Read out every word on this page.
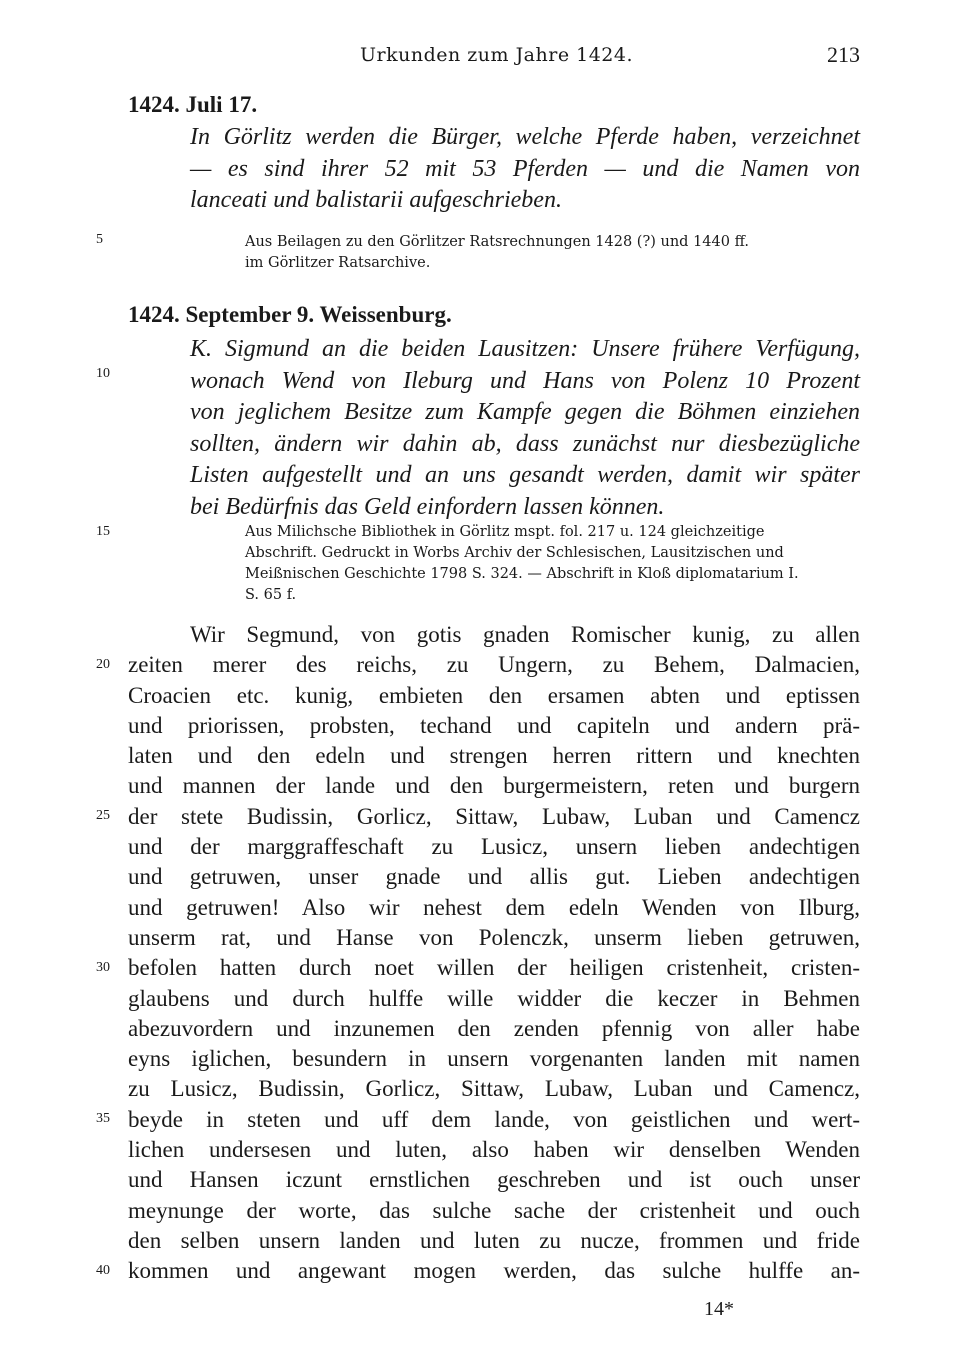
Urkunden zum Jahre 1424.	213
1424. Juli 17.
In Görlitz werden die Bürger, welche Pferde haben, verzeichnet
— es sind ihrer 52 mit 53 Pferden — und die Namen von
lanceati und balistarii aufgeschrieben.
Aus Beilagen zu den Görlitzer Ratsrechnungen 1428 (?) und 1440 ff.
im Görlitzer Ratsarchive.
1424. September 9. Weissenburg.
K. Sigmund an die beiden Lausitzen: Unsere frühere Verfügung,
wonach Wend von Ileburg und Hans von Polenz 10 Prozent
von jeglichem Besitze zum Kampfe gegen die Böhmen einziehen
sollten, ändern wir dahin ab, dass zunächst nur diesbezügliche
Listen aufgestellt und an uns gesandt werden, damit wir später
bei Bedürfnis das Geld einfordern lassen können.
Aus Milichsche Bibliothek in Görlitz mspt. fol. 217 u. 124 gleichzeitige
Abschrift. Gedruckt in Worbs Archiv der Schlesischen, Lausitzischen und
Meißnischen Geschichte 1798 S. 324. — Abschrift in Kloß diplomatarium I.
S. 65 f.
Wir Segmund, von gotis gnaden Romischer kunig, zu allen
zeiten merer des reichs, zu Ungern, zu Behem, Dalmacien,
Croacien etc. kunig, embieten den ersamen abten und eptissen
und priorissen, probsten, techand und capiteln und andern prä-
laten und den edeln und strengen herren rittern und knechten
und mannen der lande und den burgermeistern, reten und burgern
der stete Budissin, Gorlicz, Sittaw, Lubaw, Luban und Camencz
und der marggraffeschaft zu Lusicz, unsern lieben andechtigen
und getruwen, unser gnade und allis gut. Lieben andechtigen
und getruwen! Also wir nehest dem edeln Wenden von Ilburg,
unserm rat, und Hanse von Polenczk, unserm lieben getruwen,
befolen hatten durch noet willen der heiligen cristenheit, cristen-
glaubens und durch hulffe wille widder die keczer in Behmen
abezuvordern und inzunemen den zenden pfennig von aller habe
eyns iglichen, besundern in unsern vorgenanten landen mit namen
zu Lusicz, Budissin, Gorlicz, Sittaw, Lubaw, Luban und Camencz,
beyde in steten und uff dem lande, von geistlichen und wert-
lichen undersesen und luten, also haben wir denselben Wenden
und Hansen iczunt ernstlichen geschreben und ist ouch unser
meynunge der worte, das sulche sache der cristenheit und ouch
den selben unsern landen und luten zu nucze, frommen und fride
kommen und angewant mogen werden, das sulche hulffe an-
5
10
15
20
25
30
35
40
14*
